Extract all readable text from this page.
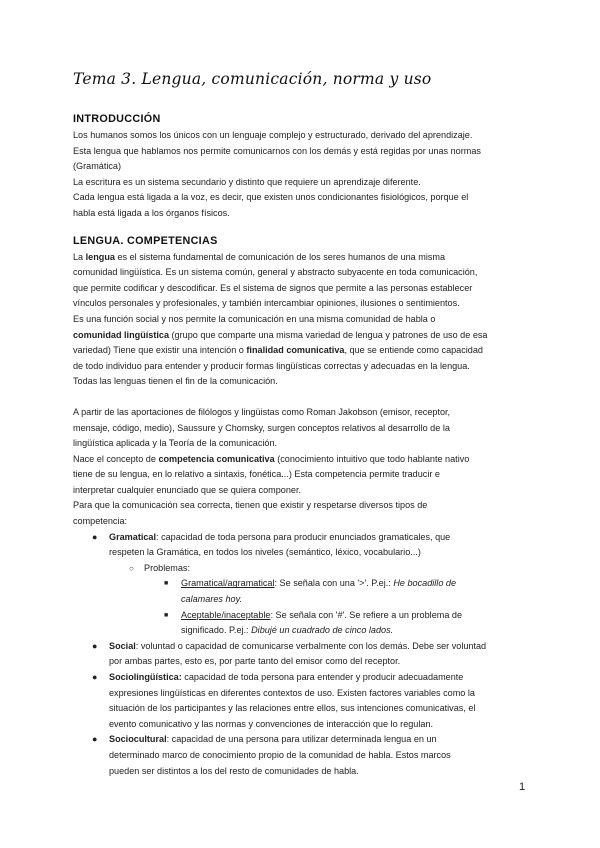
Tema 3. Lengua, comunicación, norma y uso
INTRODUCCIÓN

Los humanos somos los únicos con un lenguaje complejo y estructurado, derivado del aprendizaje.

Esta lengua que hablamos nos permite comunicarnos con los demás y está regidas por unas normas

(Gramática)

La escritura es un sistema secundario y distinto que requiere un aprendizaje diferente.

Cada lengua está ligada a la voz, es decir, que existen unos condicionantes fisiológicos, porque el

habla está ligada a los órganos físicos.

LENGUA. COMPETENCIAS

La lengua es el sistema fundamental de comunicación de los seres humanos de una misma

comunidad lingüística. Es un sistema común, general y abstracto subyacente en toda comunicación,

que permite codificar y descodificar. Es el sistema de signos que permite a las personas establecer

vínculos personales y profesionales, y también intercambiar opiniones, ilusiones o sentimientos.

Es una función social y nos permite la comunicación en una misma comunidad de habla o

comunidad lingüística (grupo que comparte una misma variedad de lengua y patrones de uso de esa

variedad) Tiene que existir una intención o finalidad comunicativa, que se entiende como capacidad

de todo individuo para entender y producir formas lingüísticas correctas y adecuadas en la lengua.

Todas las lenguas tienen el fin de la comunicación.

A partir de las aportaciones de filólogos y lingüistas como Roman Jakobson (emisor, receptor,

mensaje, código, medio), Saussure y Chomsky, surgen conceptos relativos al desarrollo de la

lingüística aplicada y la Teoría de la comunicación.

Nace el concepto de competencia comunicativa (conocimiento intuitivo que todo hablante nativo

tiene de su lengua, en lo relativo a sintaxis, fonética...) Esta competencia permite traducir e

interpretar cualquier enunciado que se quiera componer.

Para que la comunicación sea correcta, tienen que existir y respetarse diversos tipos de

competencia:

● Gramatical: capacidad de toda persona para producir enunciados gramaticales, que
respeten la Gramática, en todos los niveles (semántico, léxico, vocabulario...)
○ Problemas:
■ Gramatical/agramatical: Se señala con una '>'. P.ej.: He bocadillo de
calamares hoy.
■ Aceptable/inaceptable: Se señala con '#'. Se refiere a un problema de
significado. P.ej.: Dibujé un cuadrado de cinco lados.
● Social: voluntad o capacidad de comunicarse verbalmente con los demás. Debe ser voluntad
por ambas partes, esto es, por parte tanto del emisor como del receptor.
● Sociolingüística: capacidad de toda persona para entender y producir adecuadamente
expresiones lingüísticas en diferentes contextos de uso. Existen factores variables como la
situación de los participantes y las relaciones entre ellos, sus intenciones comunicativas, el
evento comunicativo y las normas y convenciones de interacción que lo regulan.
● Sociocultural: capacidad de una persona para utilizar determinada lengua en un
determinado marco de conocimiento propio de la comunidad de habla. Estos marcos
pueden ser distintos a los del resto de comunidades de habla.
1
